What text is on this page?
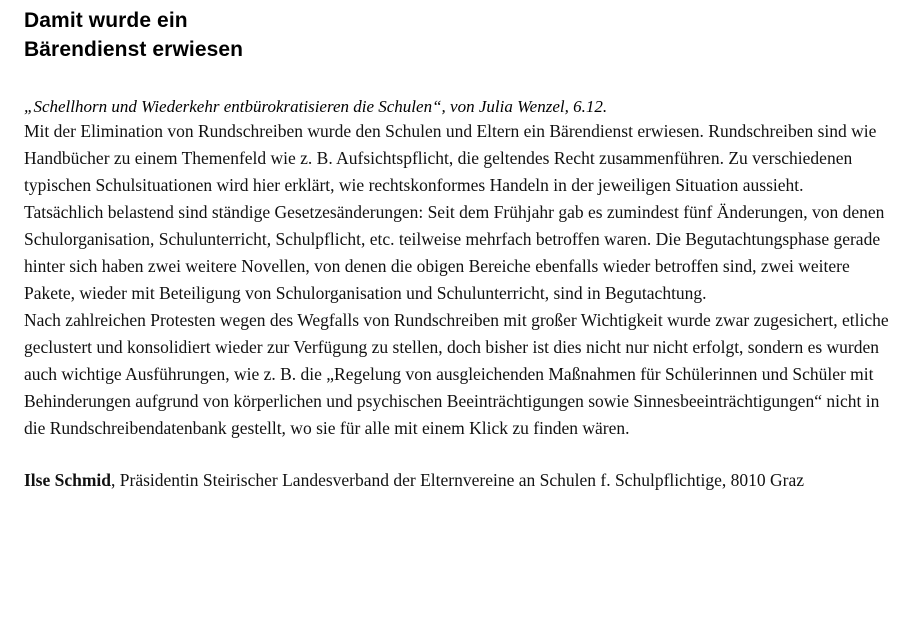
Damit wurde ein
Bärendienst erwiesen
„Schellhorn und Wiederkehr entbürokratisieren die Schulen“, von Julia Wenzel, 6.12.

Mit der Elimination von Rundschreiben wurde den Schulen und Eltern ein Bärendienst erwiesen. Rundschreiben sind wie Handbücher zu einem Themenfeld wie z. B. Aufsichtspflicht, die geltendes Recht zusammenführen. Zu verschiedenen typischen Schulsituationen wird hier erklärt, wie rechtskonformes Handeln in der jeweiligen Situation aussieht.

Tatsächlich belastend sind ständige Gesetzesänderungen: Seit dem Frühjahr gab es zumindest fünf Änderungen, von denen Schulorganisation, Schulunterricht, Schulpflicht, etc. teilweise mehrfach betroffen waren. Die Begutachtungsphase gerade hinter sich haben zwei weitere Novellen, von denen die obigen Bereiche ebenfalls wieder betroffen sind, zwei weitere Pakete, wieder mit Beteiligung von Schulorganisation und Schulunterricht, sind in Begutachtung.

Nach zahlreichen Protesten wegen des Wegfalls von Rundschreiben mit großer Wichtigkeit wurde zwar zugesichert, etliche geclustert und konsolidiert wieder zur Verfügung zu stellen, doch bisher ist dies nicht nur nicht erfolgt, sondern es wurden auch wichtige Ausführungen, wie z. B. die „Regelung von ausgleichenden Maßnahmen für Schülerinnen und Schüler mit Behinderungen aufgrund von körperlichen und psychischen Beeinträchtigungen sowie Sinnesbeeinträchtigungen“ nicht in die Rundschreibendatenbank gestellt, wo sie für alle mit einem Klick zu finden wären.

Ilse Schmid, Präsidentin Steirischer Landesverband der Elternvereine an Schulen f. Schulpflichtige, 8010 Graz
